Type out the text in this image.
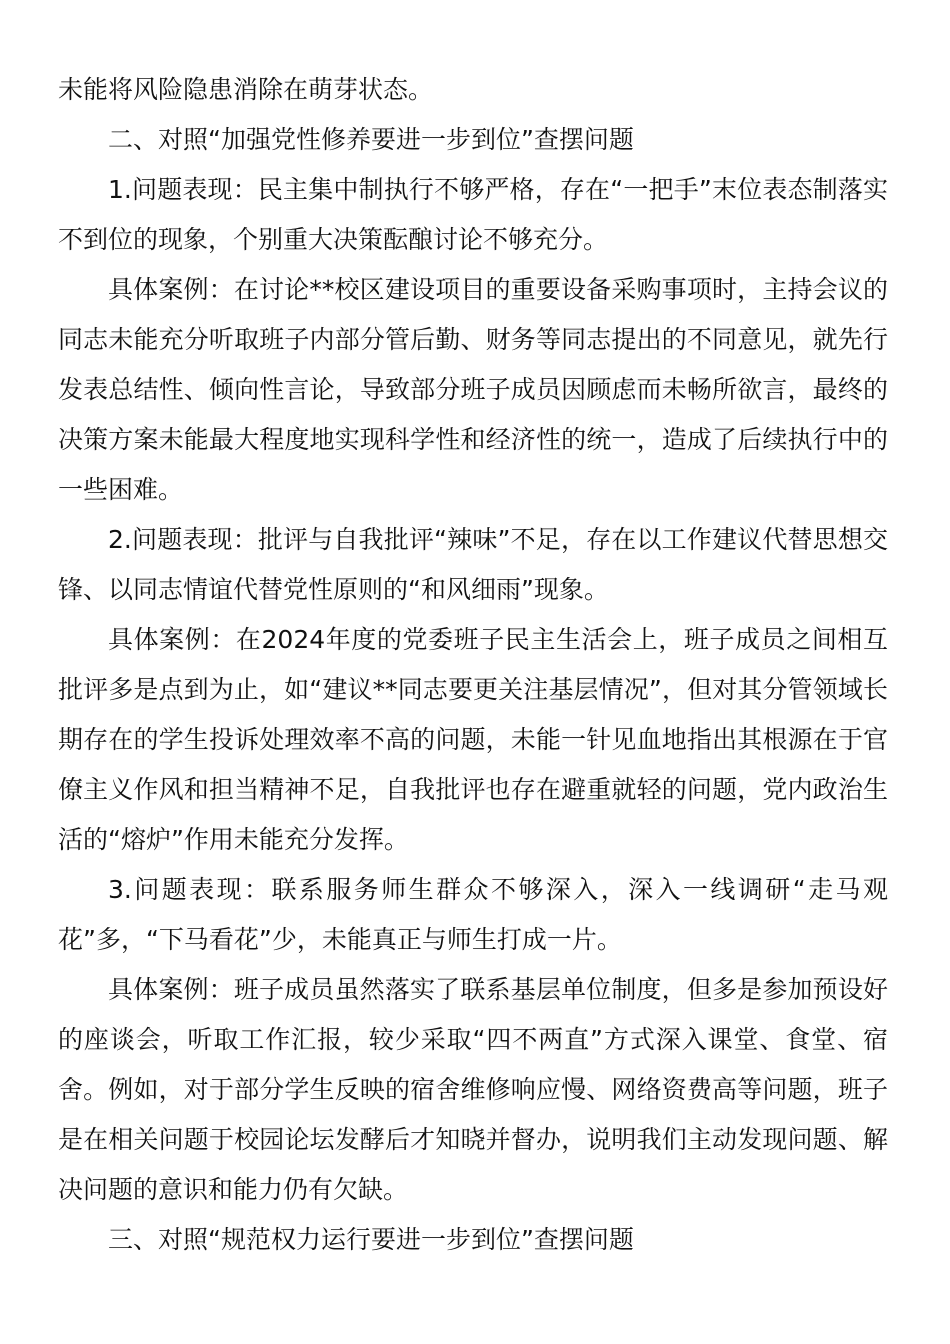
未能将风险隐患消除在萌芽状态。

二、对照“加强党性修养要进一步到位”查摆问题

1.问题表现：民主集中制执行不够严格，存在“一把手”末位表态制落实不到位的现象，个别重大决策酝酿讨论不够充分。

具体案例：在讨论**校区建设项目的重要设备采购事项时，主持会议的同志未能充分听取班子内部分管后勤、财务等同志提出的不同意见，就先行发表总结性、倾向性言论，导致部分班子成员因顾虑而未畅所欲言，最终的决策方案未能最大程度地实现科学性和经济性的统一，造成了后续执行中的一些困难。

2.问题表现：批评与自我批评“辣味”不足，存在以工作建议代替思想交锋、以同志情谊代替党性原则的“和风细雨”现象。

具体案例：在2024年度的党委班子民主生活会上，班子成员之间相互批评多是点到为止，如“建议**同志要更关注基层情况”，但对其分管领域长期存在的学生投诉处理效率不高的问题，未能一针见血地指出其根源在于官僚主义作风和担当精神不足，自我批评也存在避重就轻的问题，党内政治生活的“熔炉”作用未能充分发挥。

3.问题表现：联系服务师生群众不够深入，深入一线调研“走马观花”多，“下马看花”少，未能真正与师生打成一片。

具体案例：班子成员虽然落实了联系基层单位制度，但多是参加预设好的座谈会，听取工作汇报，较少采取“四不两直”方式深入课堂、食堂、宿舍。例如，对于部分学生反映的宿舍维修响应慢、网络资费高等问题，班子是在相关问题于校园论坛发酵后才知晓并督办，说明我们主动发现问题、解决问题的意识和能力仍有欠缺。

三、对照“规范权力运行要进一步到位”查摆问题
